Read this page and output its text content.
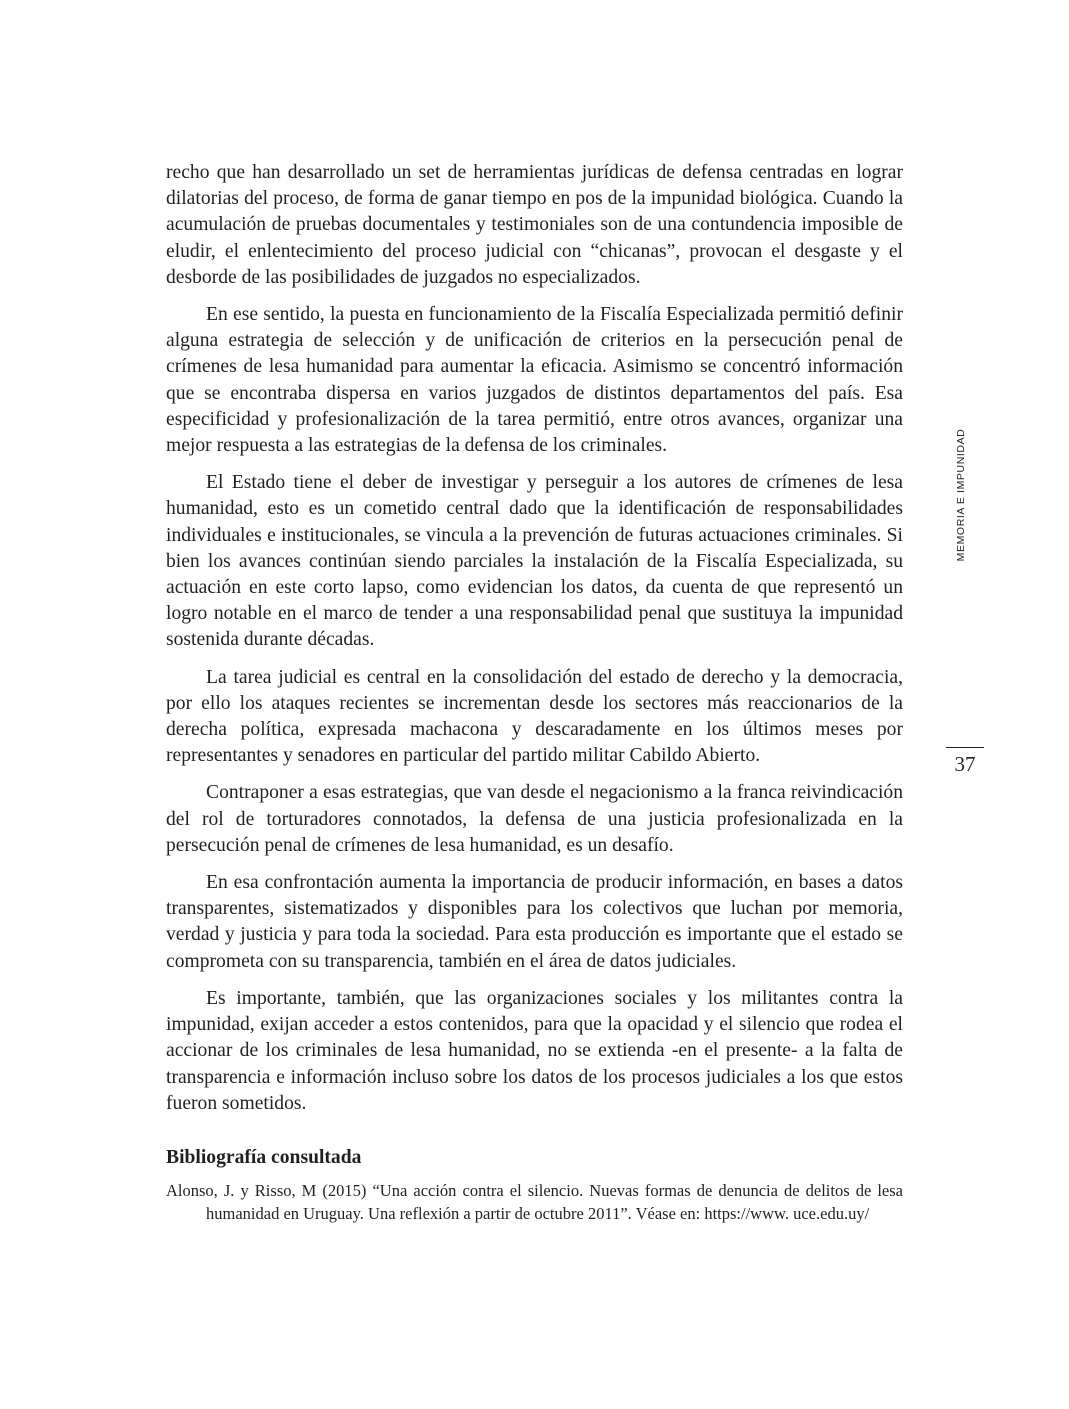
recho que han desarrollado un set de herramientas jurídicas de defensa centradas en lograr dilatorias del proceso, de forma de ganar tiempo en pos de la impunidad biológica. Cuando la acumulación de pruebas documentales y testimoniales son de una contundencia imposible de eludir, el enlentecimiento del proceso judicial con “chicanas”, provocan el desgaste y el desborde de las posibilidades de juzgados no especializados.

En ese sentido, la puesta en funcionamiento de la Fiscalía Especializada permitió definir alguna estrategia de selección y de unificación de criterios en la persecución penal de crímenes de lesa humanidad para aumentar la eficacia. Asimismo se concentró información que se encontraba dispersa en varios juzgados de distintos departamentos del país. Esa especificidad y profesionalización de la tarea permitió, entre otros avances, organizar una mejor respuesta a las estrategias de la defensa de los criminales.

El Estado tiene el deber de investigar y perseguir a los autores de crímenes de lesa humanidad, esto es un cometido central dado que la identificación de responsabilidades individuales e institucionales, se vincula a la prevención de futuras actuaciones criminales. Si bien los avances continúan siendo parciales la instalación de la Fiscalía Especializada, su actuación en este corto lapso, como evidencian los datos, da cuenta de que representó un logro notable en el marco de tender a una responsabilidad penal que sustituya la impunidad sostenida durante décadas.

La tarea judicial es central en la consolidación del estado de derecho y la democracia, por ello los ataques recientes se incrementan desde los sectores más reaccionarios de la derecha política, expresada machacona y descaradamente en los últimos meses por representantes y senadores en particular del partido militar Cabildo Abierto.

Contraponer a esas estrategias, que van desde el negacionismo a la franca reivindicación del rol de torturadores connotados, la defensa de una justicia profesionalizada en la persecución penal de crímenes de lesa humanidad, es un desafío.

En esa confrontación aumenta la importancia de producir información, en bases a datos transparentes, sistematizados y disponibles para los colectivos que luchan por memoria, verdad y justicia y para toda la sociedad. Para esta producción es importante que el estado se comprometa con su transparencia, también en el área de datos judiciales.

Es importante, también, que las organizaciones sociales y los militantes contra la impunidad, exijan acceder a estos contenidos, para que la opacidad y el silencio que rodea el accionar de los criminales de lesa humanidad, no se extienda -en el presente- a la falta de transparencia e información incluso sobre los datos de los procesos judiciales a los que estos fueron sometidos.

Bibliografía consultada

Alonso, J. y Risso, M (2015) “Una acción contra el silencio. Nuevas formas de denuncia de delitos de lesa humanidad en Uruguay. Una reflexión a partir de octubre 2011”. Véase en: https://www. uce.edu.uy/

MEMORIA E IMPUNIDAD
37
